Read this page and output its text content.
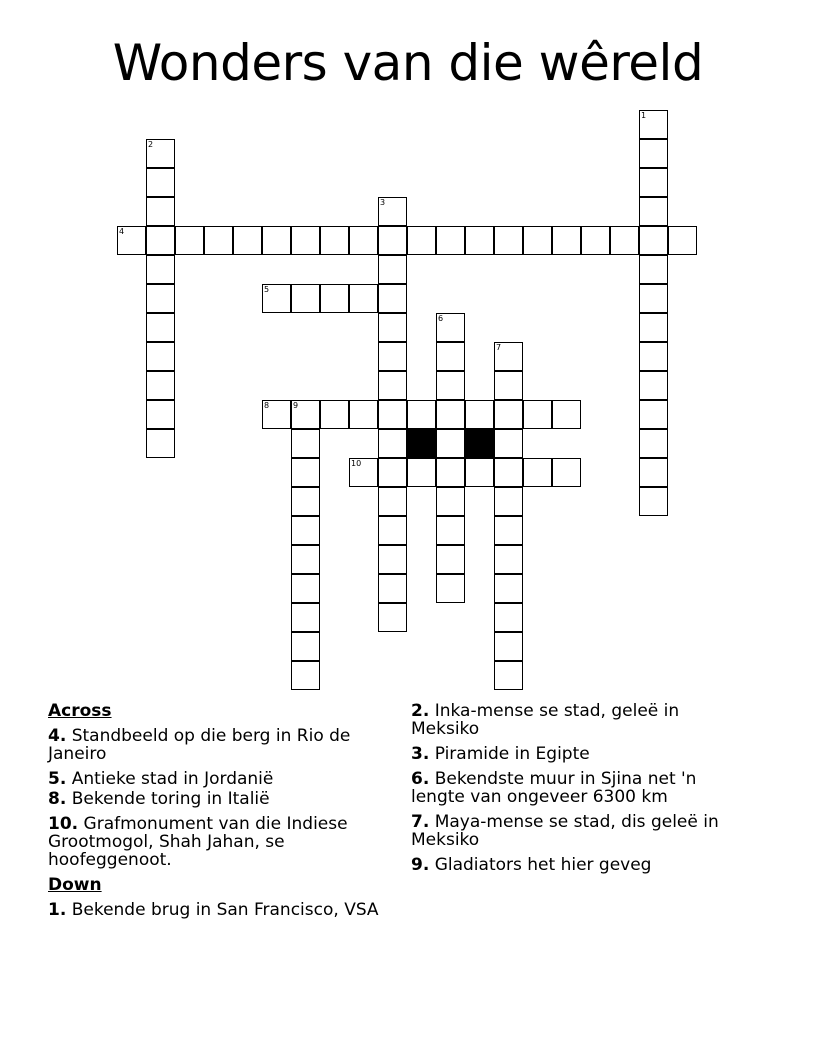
Wonders van die wêreld
1
2
3
4
5
6
7
8	9
10
Across
4. Standbeeld op die berg in Rio de Janeiro
5. Antieke stad in Jordanië
8. Bekende toring in Italië
10. Grafmonument van die Indiese Grootmogol, Shah Jahan, se hoofeggenoot.
Down
1. Bekende brug in San Francisco, VSA
2. Inka-mense se stad, geleë in Meksiko
3. Piramide in Egipte
6. Bekendste muur in Sjina net 'n lengte van ongeveer 6300 km
7. Maya-mense se stad, dis geleë in Meksiko
9. Gladiators het hier geveg
